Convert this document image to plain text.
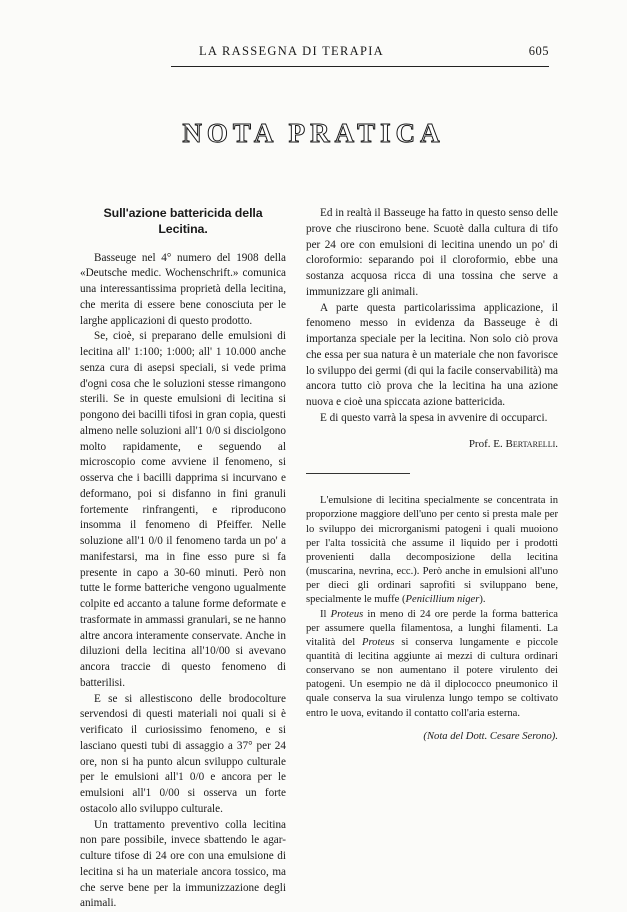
LA RASSEGNA DI TERAPIA	605
NOTA PRATICA
Sull'azione battericida della Lecitina.

Basseuge nel 4° numero del 1908 della «Deutsche medic. Wochenschrift.» comunica una interessantissima proprietà della lecitina, che merita di essere bene conosciuta per le larghe applicazioni di questo prodotto.

Se, cioè, si preparano delle emulsioni di lecitina all' 1:100; 1:000; all' 1 10.000 anche senza cura di asepsi speciali, si vede prima d'ogni cosa che le soluzioni stesse rimangono sterili. Se in queste emulsioni di lecitina si pongono dei bacilli tifosi in gran copia, questi almeno nelle soluzioni all'1 0/0 si disciolgono molto rapidamente, e seguendo al microscopio come avviene il fenomeno, si osserva che i bacilli dapprima si incurvano e deformano, poi si disfanno in fini granuli fortemente rinfrangenti, e riproducono insomma il fenomeno di Pfeiffer. Nelle soluzione all'1 0/0 il fenomeno tarda un po' a manifestarsi, ma in fine esso pure si fa presente in capo a 30-60 minuti. Però non tutte le forme batteriche vengono ugualmente colpite ed accanto a talune forme deformate e trasformate in ammassi granulari, se ne hanno altre ancora interamente conservate. Anche in diluzioni della lecitina all'10/00 si avevano ancora traccie di questo fenomeno di batterilisi.

E se si allestiscono delle brodocolture servendosi di questi materiali noi quali si è verificato il curiosissimo fenomeno, e si lasciano questi tubi di assaggio a 37° per 24 ore, non si ha punto alcun sviluppo culturale per le emulsioni all'1 0/0 e ancora per le emulsioni all'1 0/00 si osserva un forte ostacolo allo sviluppo culturale.

Un trattamento preventivo colla lecitina non pare possibile, invece sbattendo le agar-culture tifose di 24 ore con una emulsione di lecitina si ha un materiale ancora tossico, ma che serve bene per la immunizzazione degli animali.

Ed in realtà il Basseuge ha fatto in questo senso delle prove che riuscirono bene. Scuotè dalla cultura di tifo per 24 ore con emulsioni di lecitina unendo un po' di cloroformio: separando poi il cloroformio, ebbe una sostanza acquosa ricca di una tossina che serve a immunizzare gli animali.

A parte questa particolarissima applicazione, il fenomeno messo in evidenza da Basseuge è di importanza speciale per la lecitina. Non solo ciò prova che essa per sua natura è un materiale che non favorisce lo sviluppo dei germi (di qui la facile conservabilità) ma ancora tutto ciò prova che la lecitina ha una azione nuova e cioè una spiccata azione battericida.

E di questo varrà la spesa in avvenire di occuparci.

Prof. E. Bertarelli.

L'emulsione di lecitina specialmente se concentrata in proporzione maggiore dell'uno per cento si presta male per lo sviluppo dei microrganismi patogeni i quali muoiono per l'alta tossicità che assume il liquido per i prodotti provenienti dalla decomposizione della lecitina (muscarina, nevrina, ecc.). Però anche in emulsioni all'uno per dieci gli ordinari saprofiti si sviluppano bene, specialmente le muffe (Penicillium niger).

Il Proteus in meno di 24 ore perde la forma batterica per assumere quella filamentosa, a lunghi filamenti. La vitalità del Proteus si conserva lungamente e piccole quantità di lecitina aggiunte ai mezzi di cultura ordinari conservano se non aumentano il potere virulento dei patogeni. Un esempio ne dà il diplococco pneumonico il quale conserva la sua virulenza lungo tempo se coltivato entro le uova, evitando il contatto coll'aria esterna.

(Nota del Dott. Cesare Serono).
